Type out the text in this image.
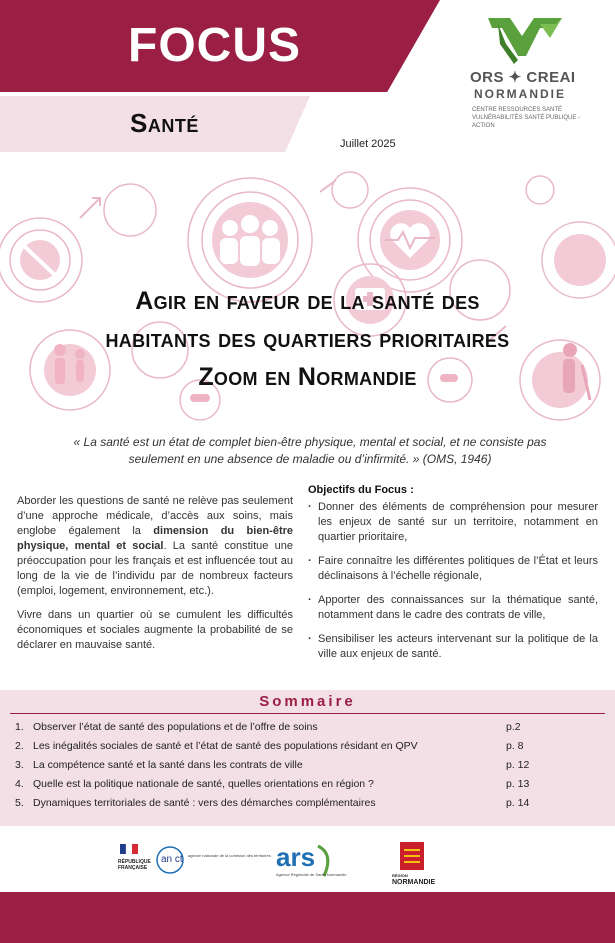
FOCUS
Santé
Juillet 2025
ORS ✦ CREAI
NORMANDIE
CENTRE RESSOURCES SANTÉ VULNÉRABILITÉS SANTÉ PUBLIQUE - ACTION
Agir en faveur de la santé des
habitants des quartiers prioritaires
Zoom en Normandie
« La santé est un état de complet bien-être physique, mental et social, et ne consiste pas seulement en une absence de maladie ou d’infirmité. » (OMS, 1946)

Aborder les questions de santé ne relève pas seulement d’une approche médicale, d’accès aux soins, mais englobe également la dimension du bien-être physique, mental et social. La santé constitue une préoccupation pour les français et est influencée tout au long de la vie de l’individu par de nombreux facteurs (emploi, logement, environnement, etc.).

Vivre dans un quartier où se cumulent les difficultés économiques et sociales augmente la probabilité de se déclarer en mauvaise santé.

Objectifs du Focus :
· Donner des éléments de compréhension pour mesurer les enjeux de santé sur un territoire, notamment en quartier prioritaire,
· Faire connaître les différentes politiques de l’État et leurs déclinaisons à l’échelle régionale,
· Apporter des connaissances sur la thématique santé, notamment dans le cadre des contrats de ville,
· Sensibiliser les acteurs intervenant sur la politique de la ville aux enjeux de santé.
Sommaire
1. Observer l’état de santé des populations et de l’offre de soins	p.2
2. Les inégalités sociales de santé et l’état de santé des populations résidant en QPV	p. 8
3. La compétence santé et la santé dans les contrats de ville	p. 12
4. Quelle est la politique nationale de santé, quelles orientations en région ?	p. 13
5. Dynamiques territoriales de santé : vers des démarches complémentaires	p. 14
RÉPUBLIQUE
FRANÇAISE
an ct agence nationale de la cohésion des territoires ars
Agence Régionale de Santé Normandie	RÉGION
NORMANDIE
